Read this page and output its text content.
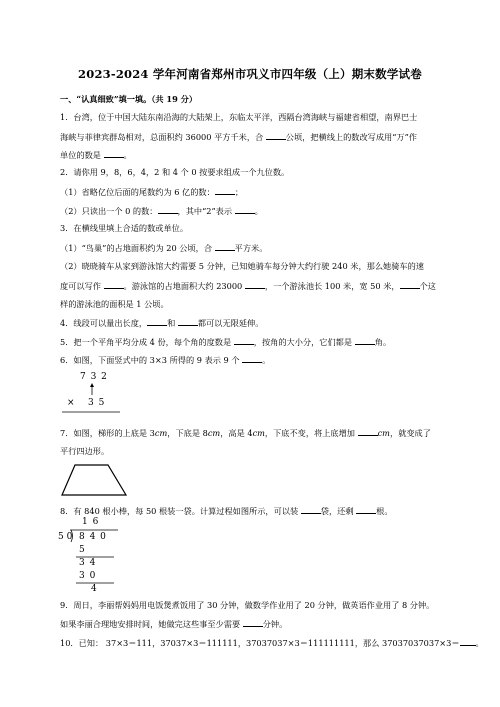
2023-2024 学年河南省郑州市巩义市四年级（上）期末数学试卷
一、“认真细致”填一填。（共 19 分）
1．台湾，位于中国大陆东南沿海的大陆架上，东临太平洋，西隔台湾海峡与福建省相望，南界巴士
海峡与菲律宾群岛相对，总面积约 36000 平方千米，合 公顷，把横线上的数改写成用“万”作
单位的数是 。
2．请你用 9，8，6，4，2 和 4 个 0 按要求组成一个九位数。
（1）省略亿位后面的尾数约为 6 亿的数： ；
（2）只读出一个 0 的数： ，其中“2”表示 。
3．在横线里填上合适的数或单位。
（1）“鸟巢”的占地面积约为 20 公顷，合 平方米。
（2）晓晓骑车从家到游泳馆大约需要 5 分钟，已知她骑车每分钟大约行驶 240 米，那么她骑车的速
度可以写作 。游泳馆的占地面积大约 23000 ，一个游泳池长 100 米，宽 50 米， 个这
样的游泳池的面积是 1 公顷。
4．线段可以量出长度， 和 都可以无限延伸。
5．把一个平角平均分成 4 份，每个角的度数是 ，按角的大小分，它们都是 角。
6．如图，下面竖式中的 3×3 所得的 9 表示 9 个 。
7 3 2
× 3 5
7．如图，梯形的上底是 3cm，下底是 8cm，高是 4cm，下底不变，将上底增加 cm，就变成了
平行四边形。
8．有 840 根小棒，每 50 根装一袋。计算过程如图所示，可以装 袋，还剩 根。
1 6
5 0 8 4 0
5
3 4
3 0
4
9．周日，李丽帮妈妈用电饭煲煮饭用了 30 分钟，做数学作业用了 20 分钟，做英语作业用了 8 分钟。
如果李丽合理地安排时间，她做完这些事至少需要 分钟。
10．已知： 37×3＝111，37037×3＝111111，37037037×3＝111111111，那么 37037037037×3＝ 。
